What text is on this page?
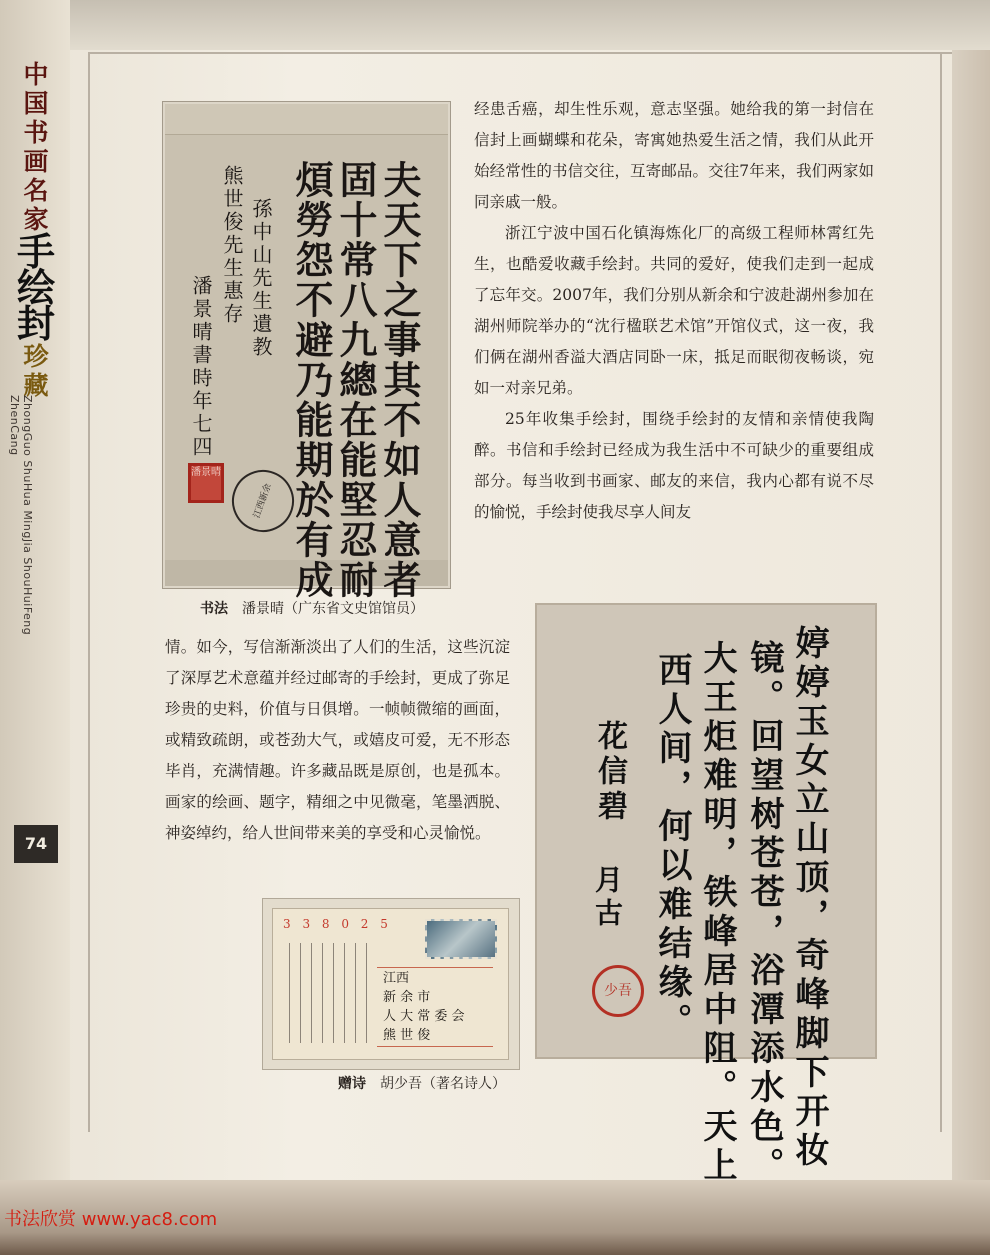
中
国
书
画
名
家
手绘
封
珍
藏
ZhongGuo ShuHua MingJia ShouHuiFeng ZhenCang
74
夫天下之事其不如人意者
固十常八九總在能堅忍耐
煩勞怨不避乃能期於有成
孫中山先生遺教
熊世俊先生惠存
潘景晴書時年七四
潘景晴
江西新余
书法 潘景晴（广东省文史馆馆员）

经患舌癌，却生性乐观，意志坚强。她给我的第一封信在信封上画蝴蝶和花朵，寄寓她热爱生活之情，我们从此开始经常性的书信交往，互寄邮品。交往7年来，我们两家如同亲戚一般。

浙江宁波中国石化镇海炼化厂的高级工程师林霄红先生，也酷爱收藏手绘封。共同的爱好，使我们走到一起成了忘年交。2007年，我们分别从新余和宁波赴湖州参加在湖州师院举办的“沈行楹联艺术馆”开馆仪式，这一夜，我们俩在湖州香溢大酒店同卧一床，抵足而眠彻夜畅谈，宛如一对亲兄弟。

25年收集手绘封，围绕手绘封的友情和亲情使我陶醉。书信和手绘封已经成为我生活中不可缺少的重要组成部分。每当收到书画家、邮友的来信，我内心都有说不尽的愉悦，手绘封使我尽享人间友

情。如今，写信渐渐淡出了人们的生活，这些沉淀了深厚艺术意蕴并经过邮寄的手绘封，更成了弥足珍贵的史料，价值与日俱增。一帧帧微缩的画面，或精致疏朗，或苍劲大气，或嬉皮可爱，无不形态毕肖，充满情趣。许多藏品既是原创，也是孤本。画家的绘画、题字，精细之中见微毫，笔墨洒脱、神姿绰约，给人世间带来美的享受和心灵愉悦。	婷婷玉女立山顶，奇峰脚下开妆
镜。回望树苍苍，浴潭添水色。
大王炬难明，铁峰居中阻。天上
西人间，何以难结缘。
花信碧
月古
少吾
3 3 8 0 2 5
江西
新 余 市
人 大 常 委 会
熊 世 俊
赠诗 胡少吾（著名诗人）
书法欣赏 www.yac8.com
